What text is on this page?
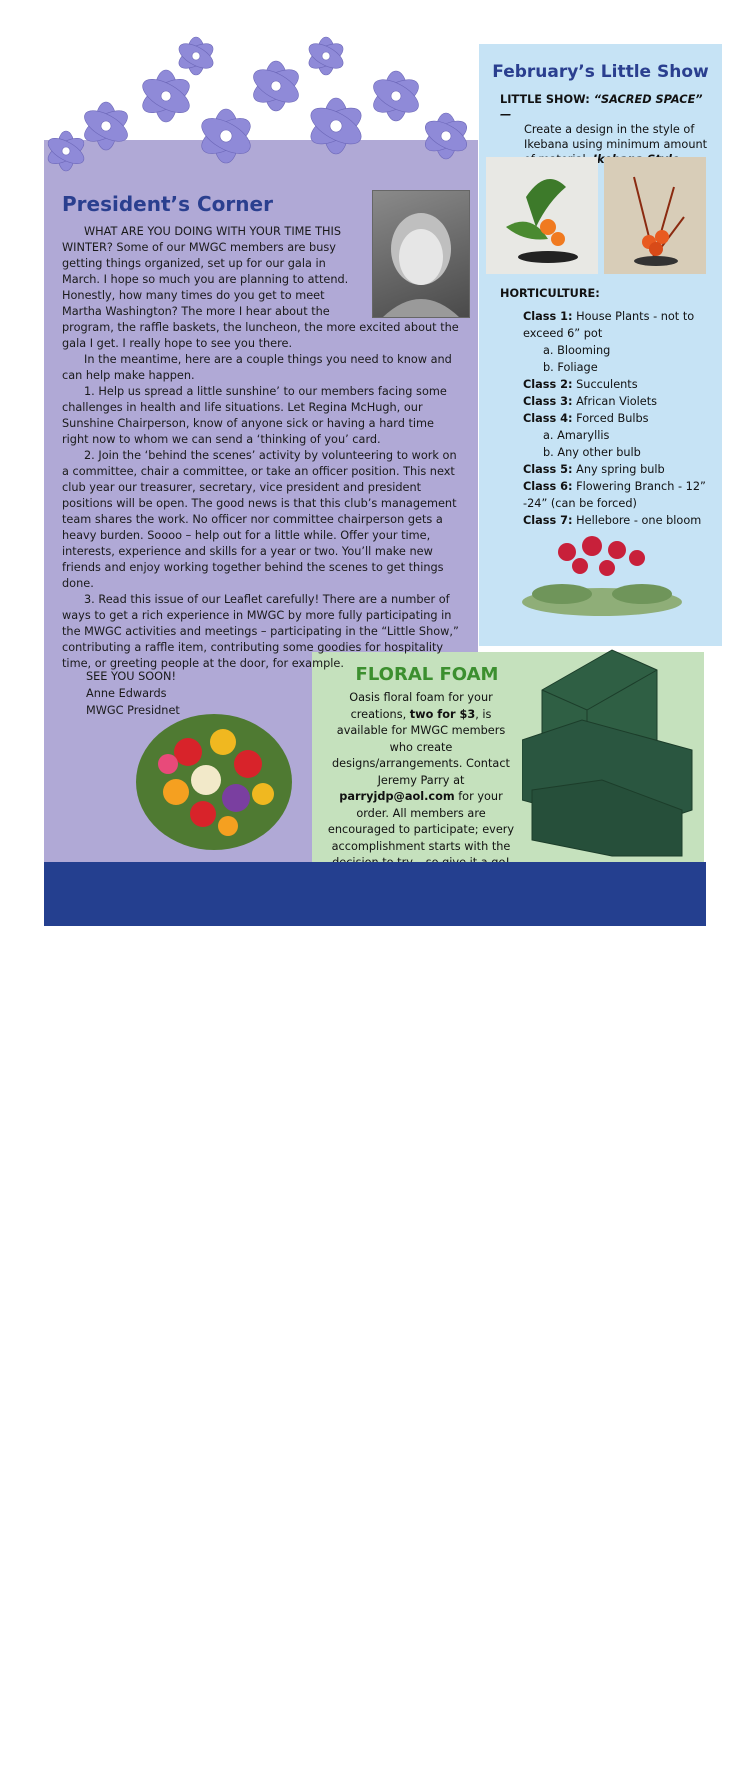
President’s Corner

WHAT ARE YOU DOING WITH YOUR TIME THIS WINTER? Some of our MWGC members are busy getting things organized, set up for our gala in March. I hope so much you are planning to attend. Honestly, how many times do you get to meet Martha Washington? The more I hear about the program, the raffle baskets, the luncheon, the more excited about the gala I get. I really hope to see you there.

In the meantime, here are a couple things you need to know and can help make happen.

1. Help us spread a little sunshine’ to our members facing some challenges in health and life situations. Let Regina McHugh, our Sunshine Chairperson, know of anyone sick or having a hard time right now to whom we can send a ‘thinking of you’ card.

2. Join the ‘behind the scenes’ activity by volunteering to work on a committee, chair a committee, or take an officer position. This next club year our treasurer, secretary, vice president and president positions will be open. The good news is that this club’s management team shares the work. No officer nor committee chairperson gets a heavy burden. Soooo – help out for a little while. Offer your time, interests, experience and skills for a year or two. You’ll make new friends and enjoy working together behind the scenes to get things done.

3. Read this issue of our Leaflet carefully! There are a number of ways to get a rich experience in MWGC by more fully participating in the MWGC activities and meetings – participating in the “Little Show,” contributing a raffle item, contributing some goodies for hospitality time, or greeting people at the door, for example.

SEE YOU SOON!
Anne Edwards
MWGC Presidnet
February’s Little Show
LITTLE SHOW: “SACRED SPACE” —
Create a design in the style of Ikebana using minimum amount
HORTICULTURE:
Class 1: House Plants - not to exceed 6” pot
a. Blooming
b. Foliage
Class 2: Succulents
Class 3: African Violets
Class 4: Forced Bulbs
a. Amaryllis
b. Any other bulb
Class 5: Any spring bulb
Class 6: Flowering Branch - 12” -24” (can be forced)
Class 7: Hellebore - one bloom
FLORAL FOAM
Oasis floral foam for your creations, two for $3, is available for MWGC members who create designs/arrangements. Contact Jeremy Parry at parryjdp@aol.com for your order. All members are encouraged to participate; every accomplishment starts with the
— FIND US —
Facebook: Martha Washington Garden Club Bucks County • Website: marthawashingtongardenclub.online
